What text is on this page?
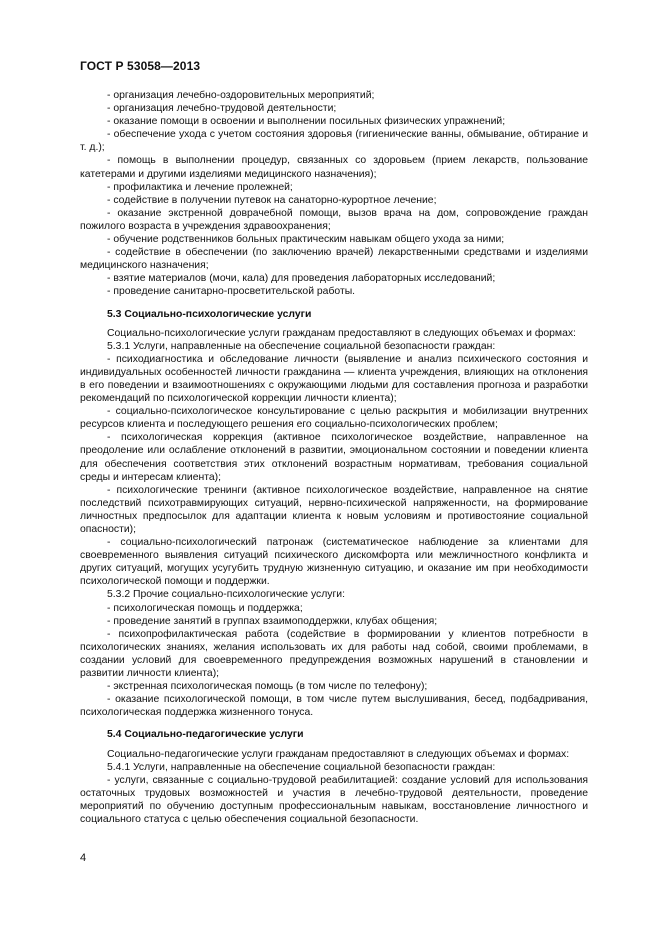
ГОСТ Р 53058—2013

- организация лечебно-оздоровительных мероприятий;

- организация лечебно-трудовой деятельности;

- оказание помощи в освоении и выполнении посильных физических упражнений;

- обеспечение ухода с учетом состояния здоровья (гигиенические ванны, обмывание, обтирание и т. д.);

- помощь в выполнении процедур, связанных со здоровьем (прием лекарств, пользование катетерами и другими изделиями медицинского назначения);

- профилактика и лечение пролежней;

- содействие в получении путевок на санаторно-курортное лечение;

- оказание экстренной доврачебной помощи, вызов врача на дом, сопровождение граждан пожилого возраста в учреждения здравоохранения;

- обучение родственников больных практическим навыкам общего ухода за ними;

- содействие в обеспечении (по заключению врачей) лекарственными средствами и изделиями медицинского назначения;

- взятие материалов (мочи, кала) для проведения лабораторных исследований;

- проведение санитарно-просветительской работы.

5.3 Социально-психологические услуги

Социально-психологические услуги гражданам предоставляют в следующих объемах и формах:

5.3.1 Услуги, направленные на обеспечение социальной безопасности граждан:

- психодиагностика и обследование личности (выявление и анализ психического состояния и индивидуальных особенностей личности гражданина — клиента учреждения, влияющих на отклонения в его поведении и взаимоотношениях с окружающими людьми для составления прогноза и разработки рекомендаций по психологической коррекции личности клиента);

- социально-психологическое консультирование с целью раскрытия и мобилизации внутренних ресурсов клиента и последующего решения его социально-психологических проблем;

- психологическая коррекция (активное психологическое воздействие, направленное на преодоление или ослабление отклонений в развитии, эмоциональном состоянии и поведении клиента для обеспечения соответствия этих отклонений возрастным нормативам, требования социальной среды и интересам клиента);

- психологические тренинги (активное психологическое воздействие, направленное на снятие последствий психотравмирующих ситуаций, нервно-психической напряженности, на формирование личностных предпосылок для адаптации клиента к новым условиям и противостояние социальной опасности);

- социально-психологический патронаж (систематическое наблюдение за клиентами для своевременного выявления ситуаций психического дискомфорта или межличностного конфликта и других ситуаций, могущих усугубить трудную жизненную ситуацию, и оказание им при необходимости психологической помощи и поддержки.

5.3.2 Прочие социально-психологические услуги:

- психологическая помощь и поддержка;

- проведение занятий в группах взаимоподдержки, клубах общения;

- психопрофилактическая работа (содействие в формировании у клиентов потребности в психологических знаниях, желания использовать их для работы над собой, своими проблемами, в создании условий для своевременного предупреждения возможных нарушений в становлении и развитии личности клиента);

- экстренная психологическая помощь (в том числе по телефону);

- оказание психологической помощи, в том числе путем выслушивания, бесед, подбадривания, психологическая поддержка жизненного тонуса.

5.4 Социально-педагогические услуги

Социально-педагогические услуги гражданам предоставляют в следующих объемах и формах:

5.4.1 Услуги, направленные на обеспечение социальной безопасности граждан:

- услуги, связанные с социально-трудовой реабилитацией: создание условий для использования остаточных трудовых возможностей и участия в лечебно-трудовой деятельности, проведение мероприятий по обучению доступным профессиональным навыкам, восстановление личностного и социального статуса с целью обеспечения социальной безопасности.

4
